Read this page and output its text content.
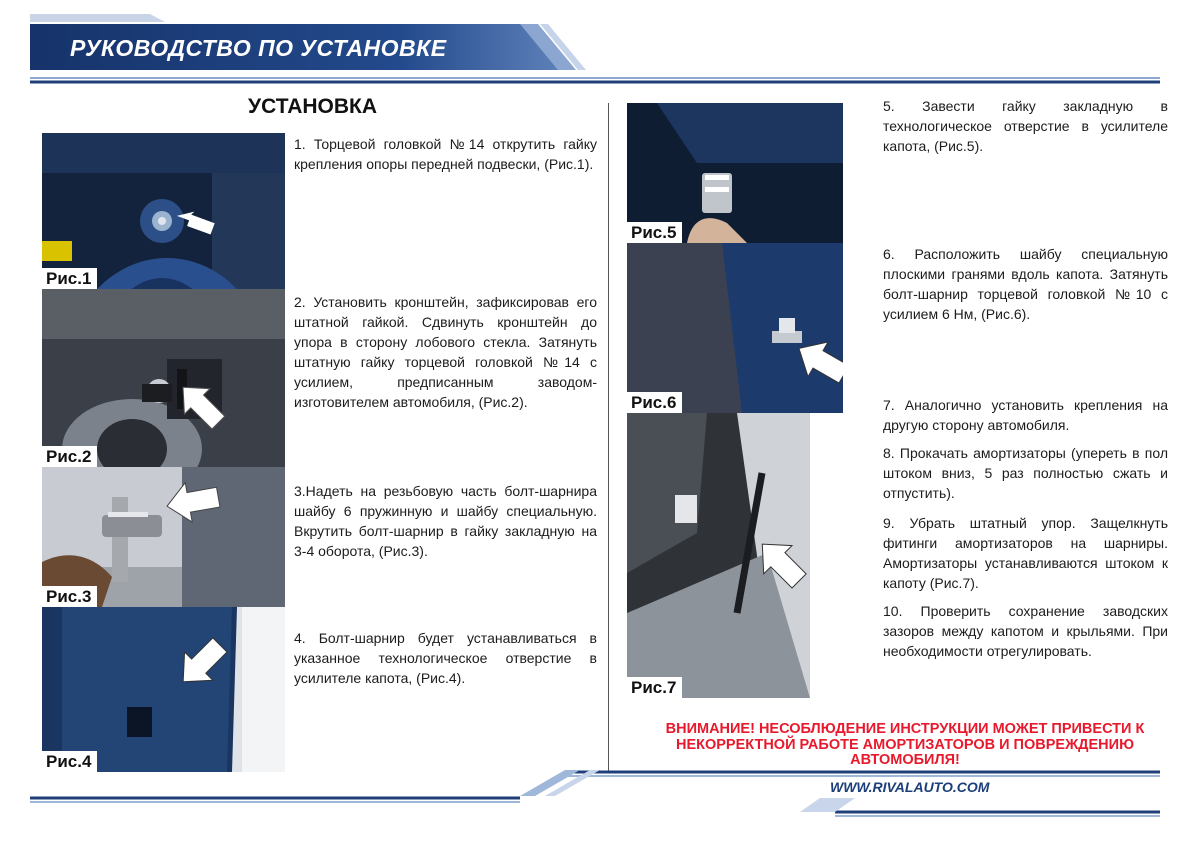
РУКОВОДСТВО ПО УСТАНОВКЕ
УСТАНОВКА
Рис.1
Рис.2
Рис.3
Рис.4
Рис.5
Рис.6
Рис.7
1. Торцевой головкой №14 открутить гайку крепления опоры передней подвески, (Рис.1).
2. Установить кронштейн, зафиксировав его штатной гайкой. Сдвинуть кронштейн до упора в сторону лобового стекла. Затянуть штатную гайку торцевой головкой №14 с усилием, предписанным заводом-изготовителем автомобиля, (Рис.2).
3.Надеть на резьбовую часть болт-шарнира шайбу 6 пружинную и шайбу специальную. Вкрутить болт-шарнир в гайку закладную на 3-4 оборота, (Рис.3).
4. Болт-шарнир будет устанавливаться в указанное технологическое отверстие в усилителе капота, (Рис.4).
5. Завести гайку закладную в технологическое отверстие в усилителе капота, (Рис.5).
6. Расположить шайбу специальную плоскими гранями вдоль капота. Затянуть болт-шарнир торцевой головкой №10 с усилием 6 Нм, (Рис.6).
7. Аналогично установить крепления на другую сторону автомобиля.
8. Прокачать амортизаторы (упереть в пол штоком вниз, 5 раз полностью сжать и отпустить).
9. Убрать штатный упор. Защелкнуть фитинги амортизаторов на шарниры. Амортизаторы устанавливаются штоком к капоту (Рис.7).
10. Проверить сохранение заводских зазоров между капотом и крыльями. При необходимости отрегулировать.
ВНИМАНИЕ! НЕСОБЛЮДЕНИЕ ИНСТРУКЦИИ МОЖЕТ ПРИВЕСТИ К
НЕКОРРЕКТНОЙ РАБОТЕ АМОРТИЗАТОРОВ И ПОВРЕЖДЕНИЮ
АВТОМОБИЛЯ!
WWW.RIVALAUTO.COM
